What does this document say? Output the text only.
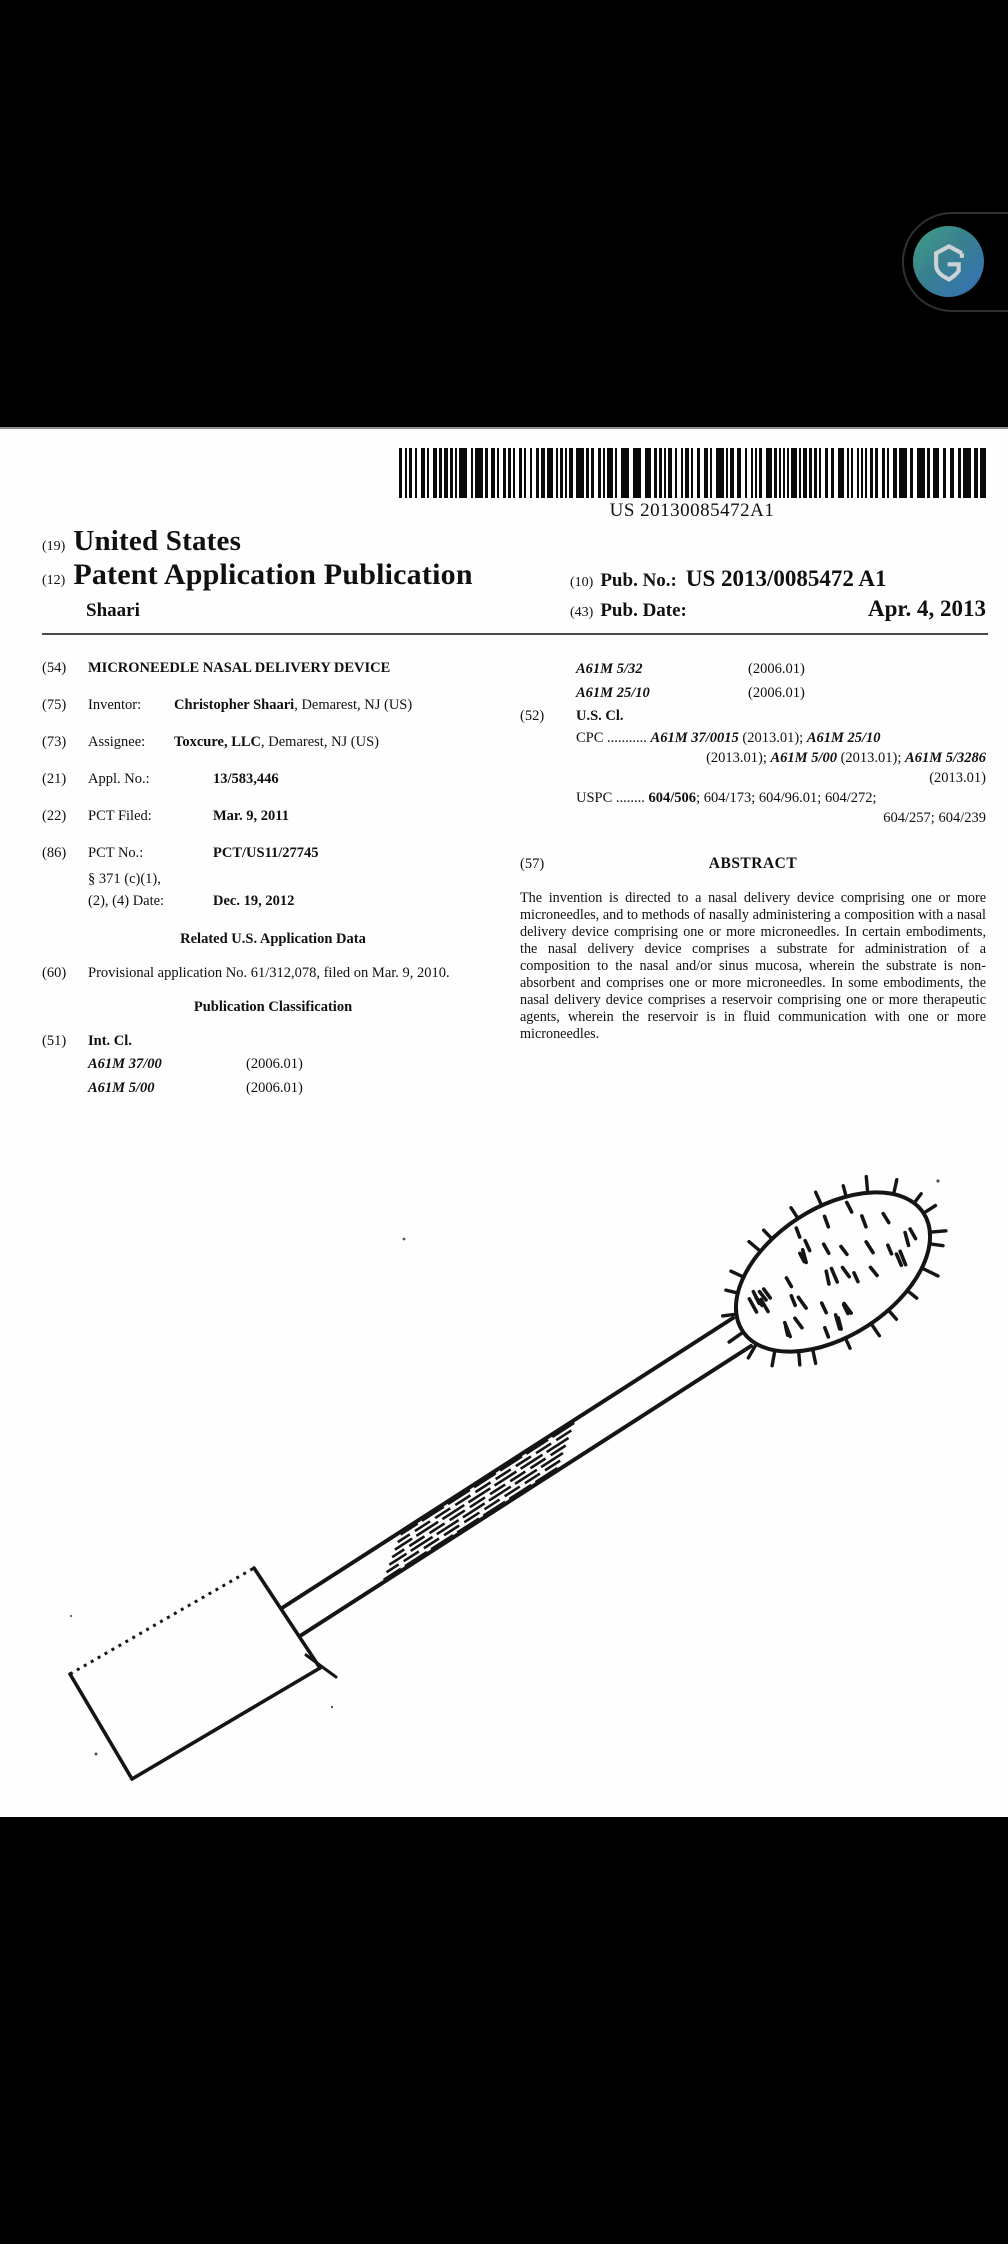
US 20130085472A1
(19) United States
(12) Patent Application Publication
Shaari
(10) Pub. No.: US 2013/0085472 A1
(43) Pub. Date:	Apr. 4, 2013
(54)	MICRONEEDLE NASAL DELIVERY DEVICE
(75)	Inventor:	Christopher Shaari, Demarest, NJ (US)
(73)	Assignee:	Toxcure, LLC, Demarest, NJ (US)
(21)	Appl. No.:	13/583,446
(22)	PCT Filed:	Mar. 9, 2011
(86)	PCT No.:	PCT/US11/27745
§ 371 (c)(1),
(2), (4) Date:	Dec. 19, 2012
Related U.S. Application Data
(60)	Provisional application No. 61/312,078, filed on Mar. 9, 2010.
Publication Classification
(51)	Int. Cl.
A61M 37/00	(2006.01)
A61M 5/00	(2006.01)
A61M 5/32	(2006.01)
A61M 25/10	(2006.01)
(52)	U.S. Cl.
CPC ........... A61M 37/0015 (2013.01); A61M 25/10
(2013.01); A61M 5/00 (2013.01); A61M 5/3286
(2013.01)
USPC ........ 604/506; 604/173; 604/96.01; 604/272;
604/257; 604/239
(57)	ABSTRACT
The invention is directed to a nasal delivery device comprising one or more microneedles, and to methods of nasally administering a composition with a nasal delivery device comprising one or more microneedles. In certain embodiments, the nasal delivery device comprises a substrate for administration of a composition to the nasal and/or sinus mucosa, wherein the substrate is non-absorbent and comprises one or more microneedles. In some embodiments, the nasal delivery device comprises a reservoir comprising one or more therapeutic agents, wherein the reservoir is in fluid communication with one or more microneedles.
